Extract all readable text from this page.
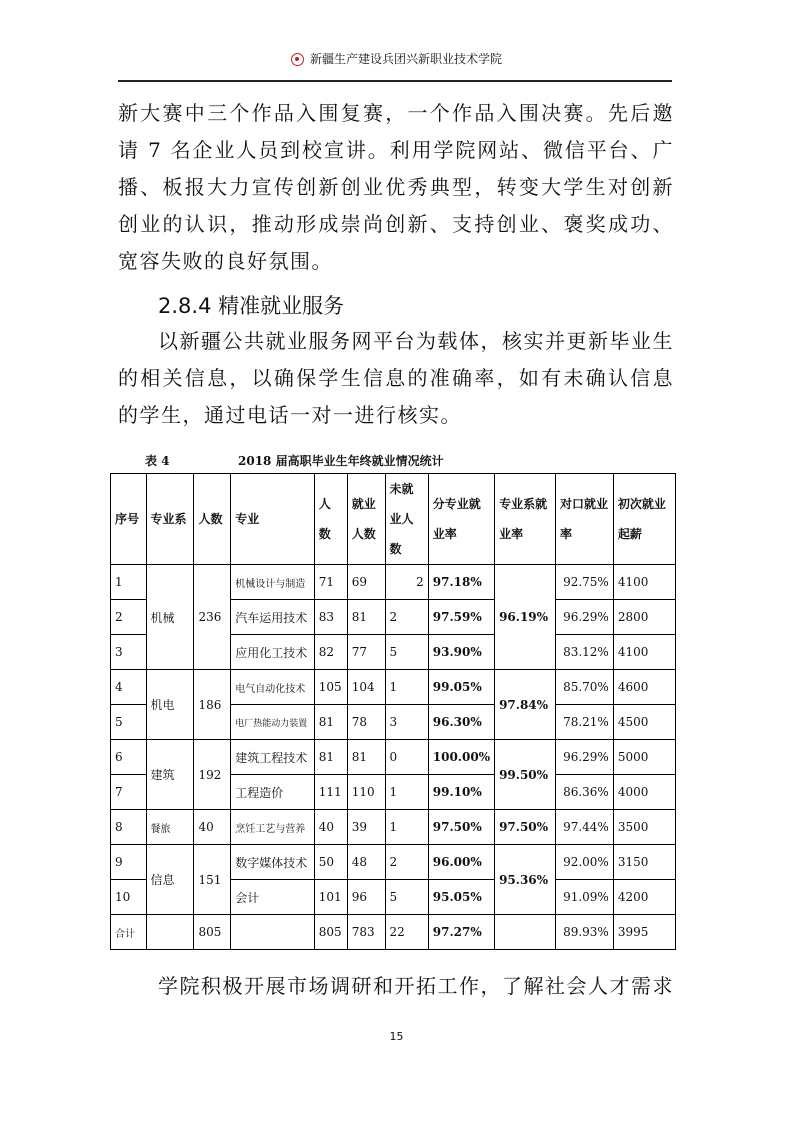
新疆生产建设兵团兴新职业技术学院
新大赛中三个作品入围复赛，一个作品入围决赛。先后邀请 7 名企业人员到校宣讲。利用学院网站、微信平台、广播、板报大力宣传创新创业优秀典型，转变大学生对创新创业的认识，推动形成崇尚创新、支持创业、褒奖成功、宽容失败的良好氛围。
2.8.4 精准就业服务
以新疆公共就业服务网平台为载体，核实并更新毕业生的相关信息，以确保学生信息的准确率，如有未确认信息的学生，通过电话一对一进行核实。
表 4	2018 届高职毕业生年终就业情况统计
序号	专业系	人数	专业	人数	就业人数	未就业人数	分专业就业率	专业系就业率	对口就业率	初次就业起薪
1	机械	236	机械设计与制造	71	69	2	97.18%	96.19%	92.75%	4100
2			汽车运用技术	83	81	2	97.59%		96.29%	2800
3			应用化工技术	82	77	5	93.90%		83.12%	4100
4	机电	186	电气自动化技术	105	104	1	99.05%	97.84%	85.70%	4600
5			电厂热能动力装置	81	78	3	96.30%		78.21%	4500
6	建筑	192	建筑工程技术	81	81	0	100.00%	99.50%	96.29%	5000
7			工程造价	111	110	1	99.10%		86.36%	4000
8	餐旅	40	烹饪工艺与营养	40	39	1	97.50%	97.50%	97.44%	3500
9	信息	151	数字媒体技术	50	48	2	96.00%	95.36%	92.00%	3150
10			会计	101	96	5	95.05%		91.09%	4200
合计		805		805	783	22	97.27%		89.93%	3995
学院积极开展市场调研和开拓工作，了解社会人才需求
15
